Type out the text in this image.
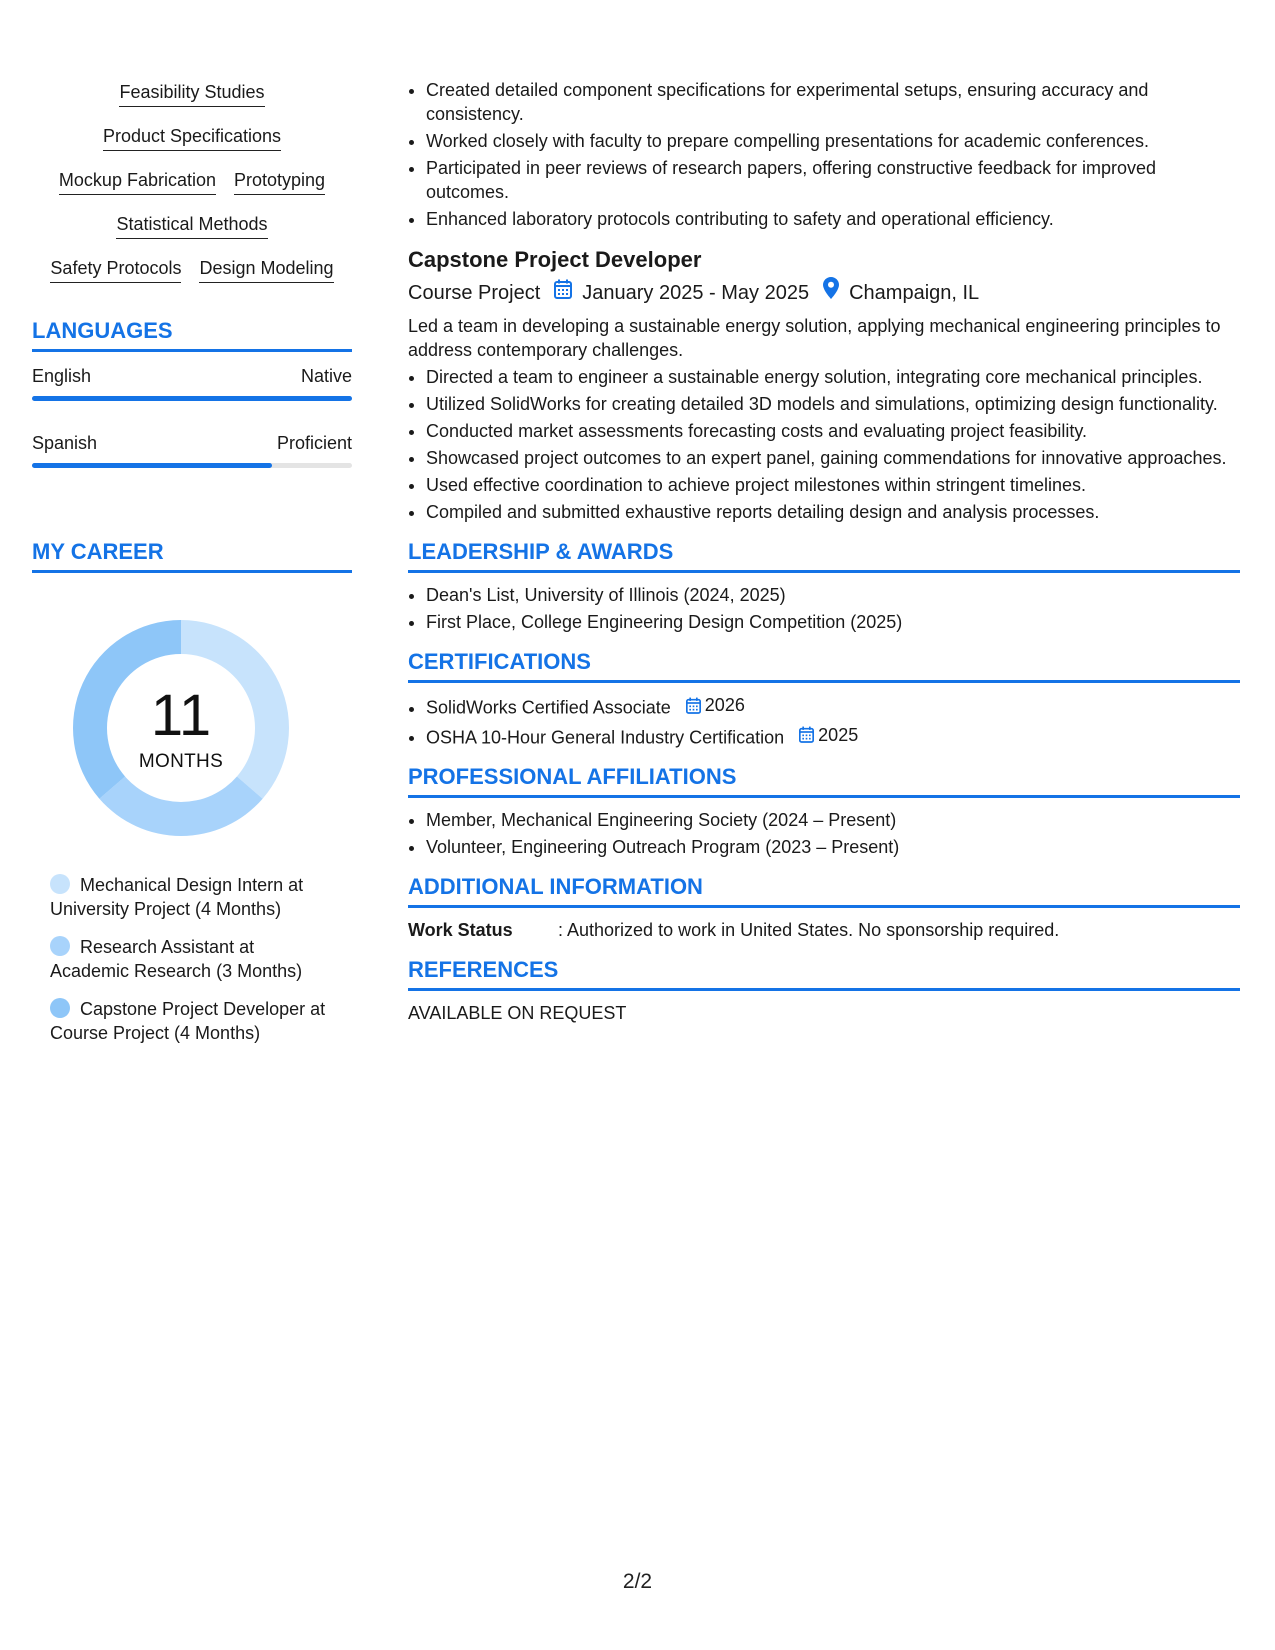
Feasibility Studies
Product Specifications
Mockup Fabrication Prototyping
Statistical Methods
Safety Protocols Design Modeling
LANGUAGES
English	Native
Spanish	Proficient
MY CAREER
11
MONTHS
Mechanical Design Intern at University Project (4 Months)
Research Assistant at Academic Research (3 Months)
Capstone Project Developer at Course Project (4 Months)
• Created detailed component specifications for experimental setups, ensuring accuracy and consistency.
• Worked closely with faculty to prepare compelling presentations for academic conferences.
• Participated in peer reviews of research papers, offering constructive feedback for improved outcomes.
• Enhanced laboratory protocols contributing to safety and operational efficiency.
Capstone Project Developer
Course Project January 2025 - May 2025 Champaign, IL
Led a team in developing a sustainable energy solution, applying mechanical engineering principles to address contemporary challenges.
• Directed a team to engineer a sustainable energy solution, integrating core mechanical principles.
• Utilized SolidWorks for creating detailed 3D models and simulations, optimizing design functionality.
• Conducted market assessments forecasting costs and evaluating project feasibility.
• Showcased project outcomes to an expert panel, gaining commendations for innovative approaches.
• Used effective coordination to achieve project milestones within stringent timelines.
• Compiled and submitted exhaustive reports detailing design and analysis processes.
LEADERSHIP & AWARDS
• Dean's List, University of Illinois (2024, 2025)
• First Place, College Engineering Design Competition (2025)
CERTIFICATIONS
• SolidWorks Certified Associate 2026
• OSHA 10-Hour General Industry Certification 2025
PROFESSIONAL AFFILIATIONS
• Member, Mechanical Engineering Society (2024 – Present)
• Volunteer, Engineering Outreach Program (2023 – Present)
ADDITIONAL INFORMATION
Work Status	: Authorized to work in United States. No sponsorship required.
REFERENCES
AVAILABLE ON REQUEST
2/2
